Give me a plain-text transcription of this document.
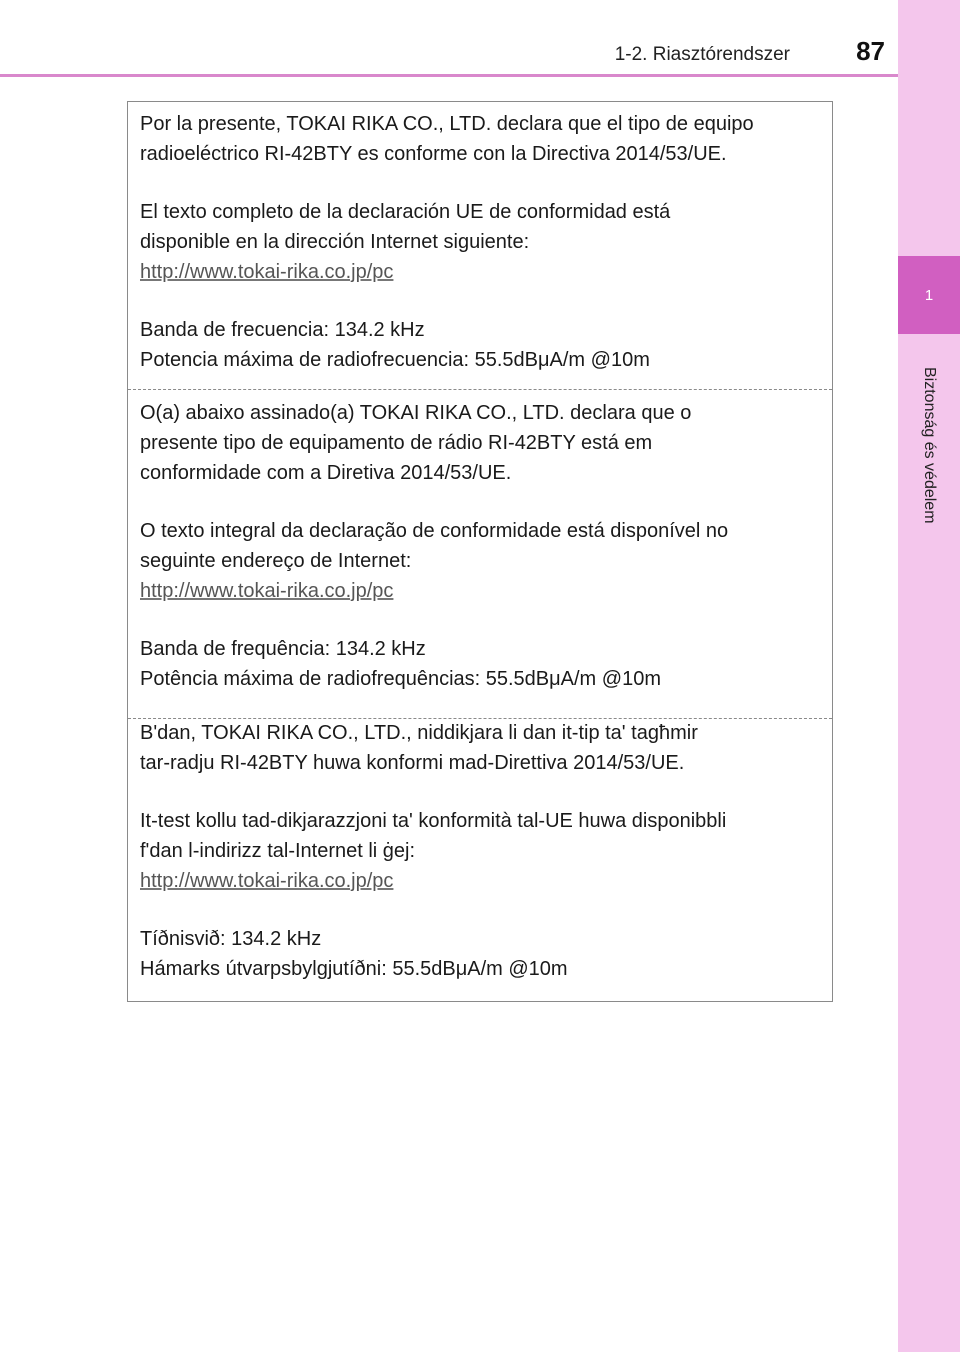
1
Biztonság és védelem
1-2. Riasztórendszer	87

Por la presente, TOKAI RIKA CO., LTD. declara que el tipo de equipo

radioeléctrico RI-42BTY es conforme con la Directiva 2014/53/UE.

El texto completo de la declaración UE de conformidad está

disponible en la dirección Internet siguiente:

http://www.tokai-rika.co.jp/pc

Banda de frecuencia: 134.2 kHz

Potencia máxima de radiofrecuencia: 55.5dBμA/m @10m

O(a) abaixo assinado(a) TOKAI RIKA CO., LTD. declara que o

presente tipo de equipamento de rádio RI-42BTY está em

conformidade com a Diretiva 2014/53/UE.

O texto integral da declaração de conformidade está disponível no

seguinte endereço de Internet:

http://www.tokai-rika.co.jp/pc

Banda de frequência: 134.2 kHz

Potência máxima de radiofrequências: 55.5dBμA/m @10m

B'dan, TOKAI RIKA CO., LTD., niddikjara li dan it-tip ta' tagħmir

tar-radju RI-42BTY huwa konformi mad-Direttiva 2014/53/UE.

It-test kollu tad-dikjarazzjoni ta' konformità tal-UE huwa disponibbli

f'dan l-indirizz tal-Internet li ġej:

http://www.tokai-rika.co.jp/pc

Tíðnisvið: 134.2 kHz

Hámarks útvarpsbylgjutíðni: 55.5dBμA/m @10m
